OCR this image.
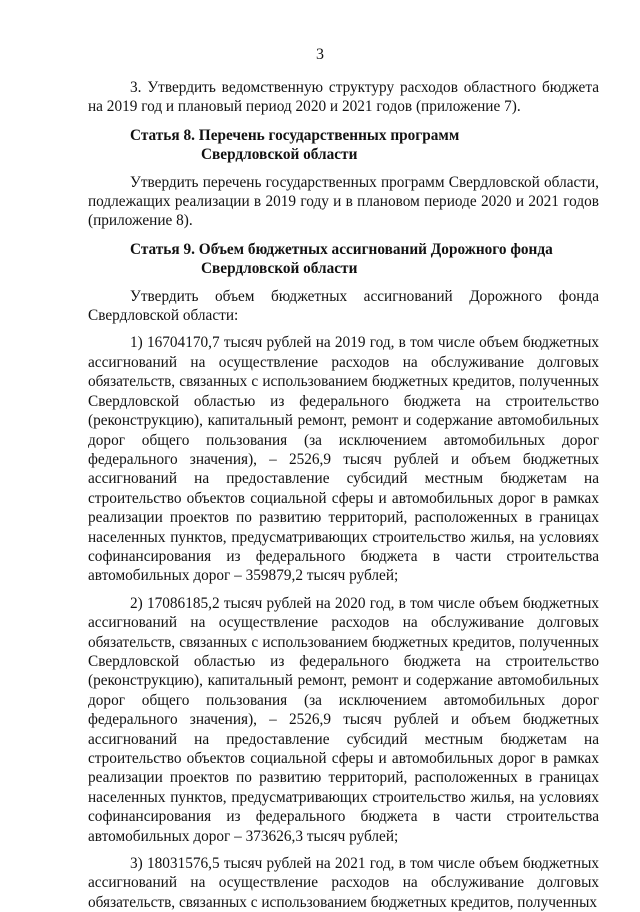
3

3. Утвердить ведомственную структуру расходов областного бюджета на 2019 год и плановый период 2020 и 2021 годов (приложение 7).

Статья 8. Перечень государственных программ
Свердловской области

Утвердить перечень государственных программ Свердловской области, подлежащих реализации в 2019 году и в плановом периоде 2020 и 2021 годов (приложение 8).

Статья 9. Объем бюджетных ассигнований Дорожного фонда
Свердловской области

Утвердить объем бюджетных ассигнований Дорожного фонда Свердловской области:

1) 16704170,7 тысяч рублей на 2019 год, в том числе объем бюджетных ассигнований на осуществление расходов на обслуживание долговых обязательств, связанных с использованием бюджетных кредитов, полученных Свердловской областью из федерального бюджета на строительство (реконструкцию), капитальный ремонт, ремонт и содержание автомобильных дорог общего пользования (за исключением автомобильных дорог федерального значения), – 2526,9 тысяч рублей и объем бюджетных ассигнований на предоставление субсидий местным бюджетам на строительство объектов социальной сферы и автомобильных дорог в рамках реализации проектов по развитию территорий, расположенных в границах населенных пунктов, предусматривающих строительство жилья, на условиях софинансирования из федерального бюджета в части строительства автомобильных дорог – 359879,2 тысяч рублей;

2) 17086185,2 тысяч рублей на 2020 год, в том числе объем бюджетных ассигнований на осуществление расходов на обслуживание долговых обязательств, связанных с использованием бюджетных кредитов, полученных Свердловской областью из федерального бюджета на строительство (реконструкцию), капитальный ремонт, ремонт и содержание автомобильных дорог общего пользования (за исключением автомобильных дорог федерального значения), – 2526,9 тысяч рублей и объем бюджетных ассигнований на предоставление субсидий местным бюджетам на строительство объектов социальной сферы и автомобильных дорог в рамках реализации проектов по развитию территорий, расположенных в границах населенных пунктов, предусматривающих строительство жилья, на условиях софинансирования из федерального бюджета в части строительства автомобильных дорог – 373626,3 тысяч рублей;

3) 18031576,5 тысяч рублей на 2021 год, в том числе объем бюджетных ассигнований на осуществление расходов на обслуживание долговых обязательств, связанных с использованием бюджетных кредитов, полученных
